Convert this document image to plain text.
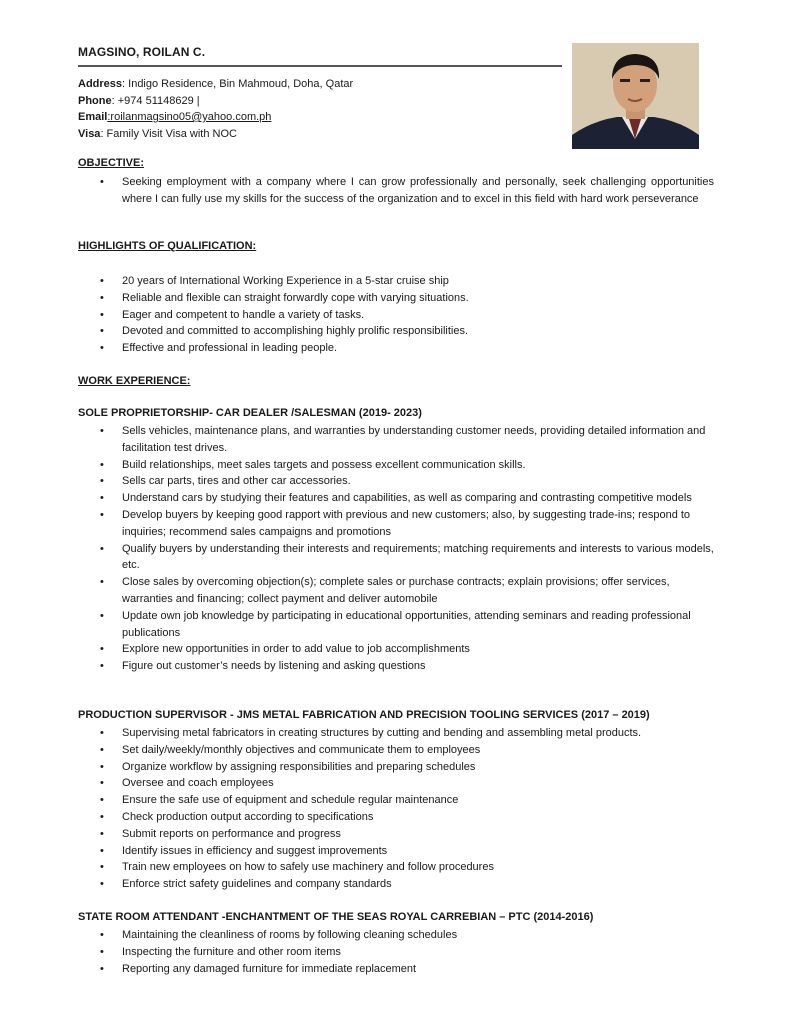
MAGSINO, ROILAN C.
Address: Indigo Residence, Bin Mahmoud, Doha, Qatar
Phone: +974 51148629 |
Email:roilanmagsino05@yahoo.com.ph
Visa: Family Visit Visa with NOC
OBJECTIVE:
• Seeking employment with a company where I can grow professionally and personally, seek challenging opportunities where I can fully use my skills for the success of the organization and to excel in this field with hard work perseverance
HIGHLIGHTS OF QUALIFICATION:
• 20 years of International Working Experience in a 5-star cruise ship
• Reliable and flexible can straight forwardly cope with varying situations.
• Eager and competent to handle a variety of tasks.
• Devoted and committed to accomplishing highly prolific responsibilities.
• Effective and professional in leading people.
WORK EXPERIENCE:
SOLE PROPRIETORSHIP- CAR DEALER /SALESMAN (2019- 2023)
• Sells vehicles, maintenance plans, and warranties by understanding customer needs, providing detailed information and facilitation test drives.
• Build relationships, meet sales targets and possess excellent communication skills.
• Sells car parts, tires and other car accessories.
• Understand cars by studying their features and capabilities, as well as comparing and contrasting competitive models
• Develop buyers by keeping good rapport with previous and new customers; also, by suggesting trade-ins; respond to inquiries; recommend sales campaigns and promotions
• Qualify buyers by understanding their interests and requirements; matching requirements and interests to various models, etc.
• Close sales by overcoming objection(s); complete sales or purchase contracts; explain provisions; offer services, warranties and financing; collect payment and deliver automobile
• Update own job knowledge by participating in educational opportunities, attending seminars and reading professional publications
• Explore new opportunities in order to add value to job accomplishments
• Figure out customer’s needs by listening and asking questions
PRODUCTION SUPERVISOR - JMS METAL FABRICATION AND PRECISION TOOLING SERVICES (2017 – 2019)
• Supervising metal fabricators in creating structures by cutting and bending and assembling metal products.
• Set daily/weekly/monthly objectives and communicate them to employees
• Organize workflow by assigning responsibilities and preparing schedules
• Oversee and coach employees
• Ensure the safe use of equipment and schedule regular maintenance
• Check production output according to specifications
• Submit reports on performance and progress
• Identify issues in efficiency and suggest improvements
• Train new employees on how to safely use machinery and follow procedures
• Enforce strict safety guidelines and company standards
STATE ROOM ATTENDANT -ENCHANTMENT OF THE SEAS ROYAL CARREBIAN – PTC (2014-2016)
• Maintaining the cleanliness of rooms by following cleaning schedules
• Inspecting the furniture and other room items
• Reporting any damaged furniture for immediate replacement
